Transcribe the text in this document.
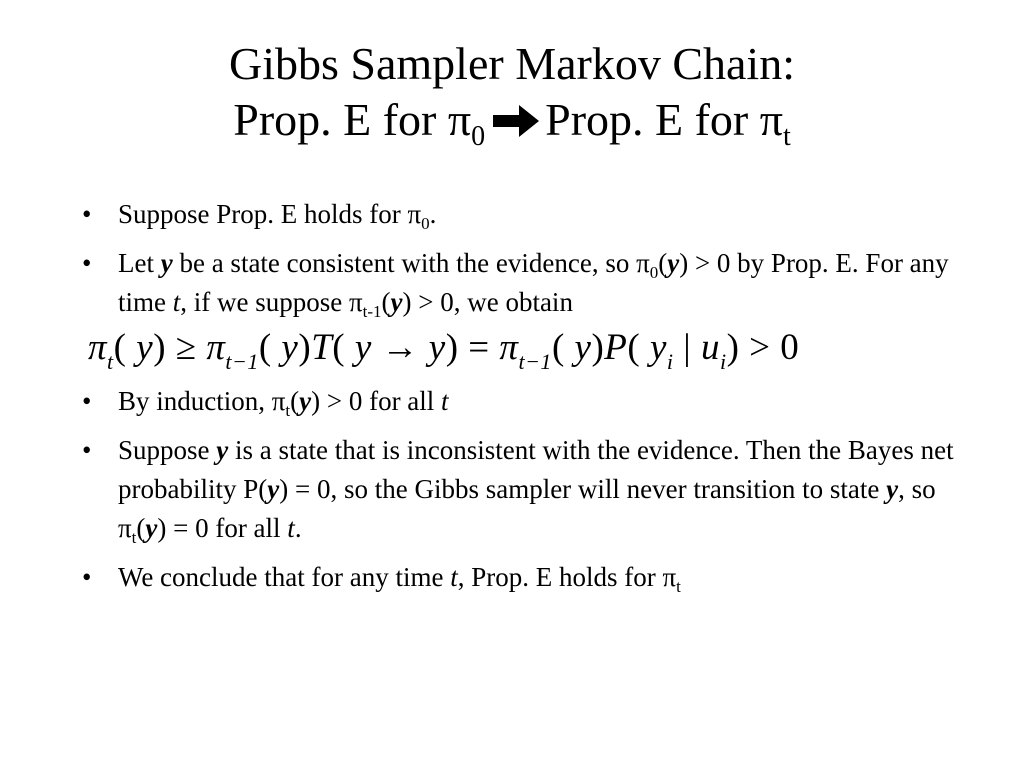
Gibbs Sampler Markov Chain:
Prop. E for $\pi_0$ Prop. E for $\pi_t$
• Suppose Prop. E holds for $\pi_0$.
• Let y be a state consistent with the evidence, so $\pi_0(y) > 0$ by Prop. E. For any time t, if we suppose $\pi_{t-1}(y) > 0$, we obtain
$\pi_t$( $y) \ge \pi_{t-1}$( y)T( $y \to y) = \pi_{t-1}$( y)P( $y_i$ | $u_i) > 0$
• By induction, $\pi_t(y) > 0$ for all t
• Suppose y is a state that is inconsistent with the evidence. Then the Bayes net probability P(y) = 0, so the Gibbs sampler will never transition to state y, so $\pi_t(y) = 0$ for all t.
• We conclude that for any time t, Prop. E holds for $\pi_t$
